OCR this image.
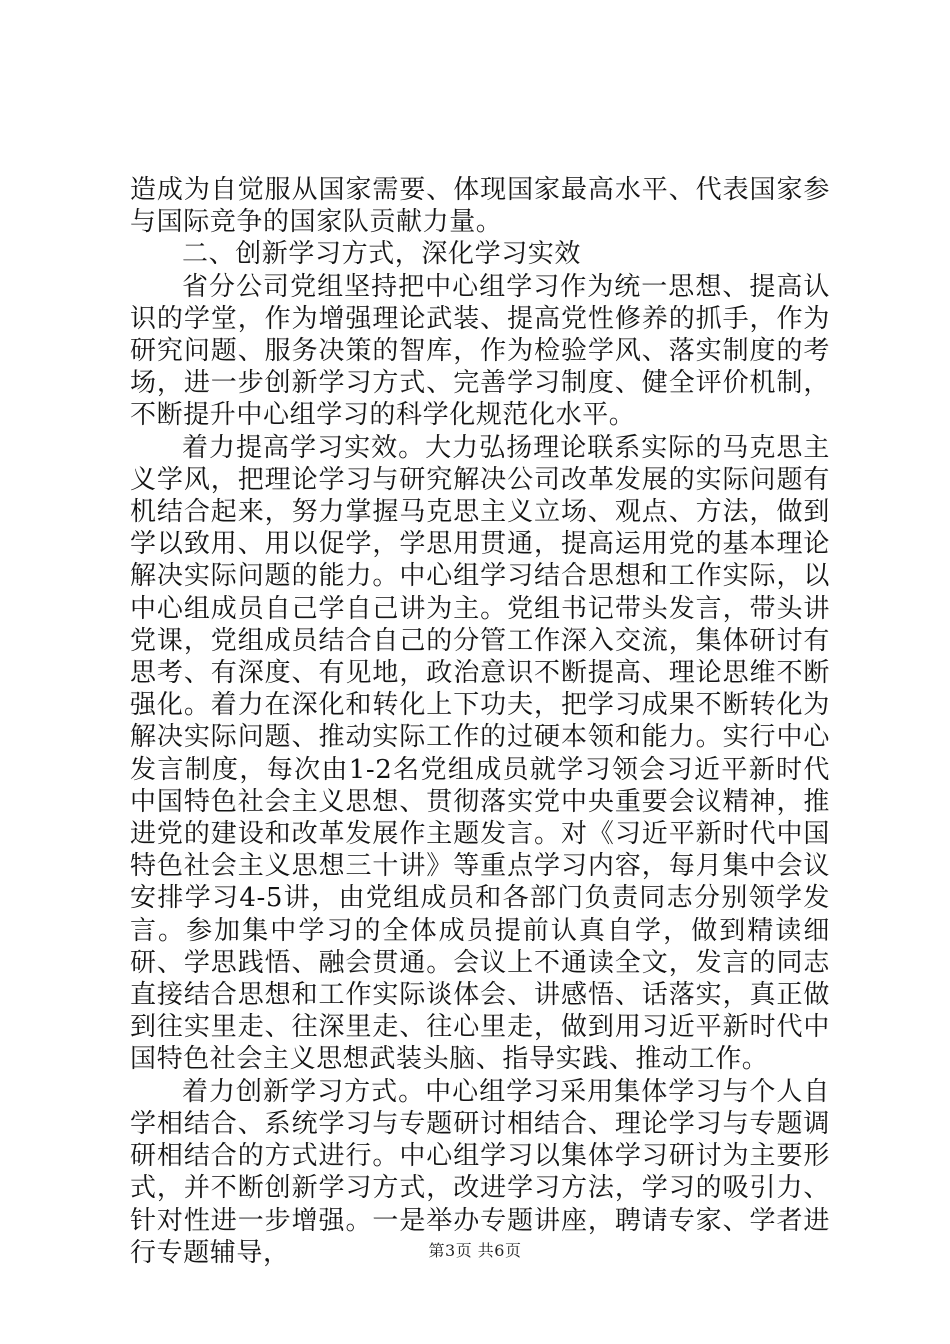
造成为自觉服从国家需要、体现国家最高水平、代表国家参与国际竞争的国家队贡献力量。

二、创新学习方式，深化学习实效

省分公司党组坚持把中心组学习作为统一思想、提高认识的学堂，作为增强理论武装、提高党性修养的抓手，作为研究问题、服务决策的智库，作为检验学风、落实制度的考场，进一步创新学习方式、完善学习制度、健全评价机制，不断提升中心组学习的科学化规范化水平。

着力提高学习实效。大力弘扬理论联系实际的马克思主义学风，把理论学习与研究解决公司改革发展的实际问题有机结合起来，努力掌握马克思主义立场、观点、方法，做到学以致用、用以促学，学思用贯通，提高运用党的基本理论解决实际问题的能力。中心组学习结合思想和工作实际，以中心组成员自己学自己讲为主。党组书记带头发言，带头讲党课，党组成员结合自己的分管工作深入交流，集体研讨有思考、有深度、有见地，政治意识不断提高、理论思维不断强化。着力在深化和转化上下功夫，把学习成果不断转化为解决实际问题、推动实际工作的过硬本领和能力。实行中心发言制度，每次由1-2名党组成员就学习领会习近平新时代中国特色社会主义思想、贯彻落实党中央重要会议精神，推进党的建设和改革发展作主题发言。对《习近平新时代中国特色社会主义思想三十讲》等重点学习内容，每月集中会议安排学习4-5讲，由党组成员和各部门负责同志分别领学发言。参加集中学习的全体成员提前认真自学，做到精读细研、学思践悟、融会贯通。会议上不通读全文，发言的同志直接结合思想和工作实际谈体会、讲感悟、话落实，真正做到往实里走、往深里走、往心里走，做到用习近平新时代中国特色社会主义思想武装头脑、指导实践、推动工作。

着力创新学习方式。中心组学习采用集体学习与个人自学相结合、系统学习与专题研讨相结合、理论学习与专题调研相结合的方式进行。中心组学习以集体学习研讨为主要形式，并不断创新学习方式，改进学习方法，学习的吸引力、针对性进一步增强。一是举办专题讲座，聘请专家、学者进行专题辅导，	第3页 共6页
